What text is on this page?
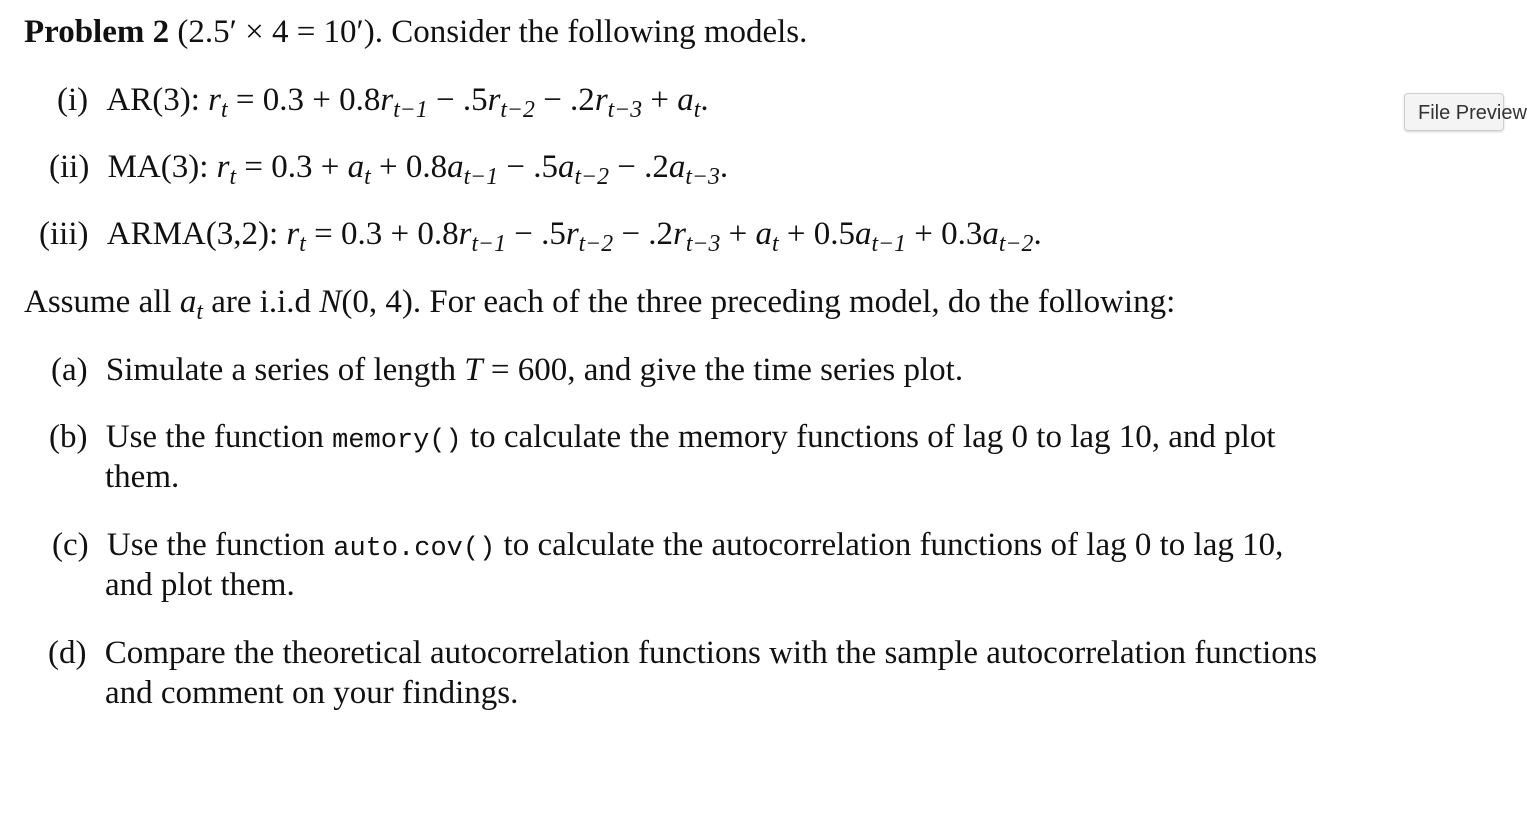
Problem 2 (2.5′ × 4 = 10′). Consider the following models.
(i) AR(3): $r_t = 0.3 + 0.8r_{t-1} - .5r_{t-2} - .2r_{t-3} + a_t$.
(ii) MA(3): $r_t = 0.3 + a_t + 0.8a_{t-1} - .5a_{t-2} - .2a_{t-3}$.
(iii) ARMA(3,2): $r_t = 0.3 + 0.8r_{t-1} - .5r_{t-2} - .2r_{t-3} + a_t + 0.5a_{t-1} + 0.3a_{t-2}$.
Assume all $a_t$ are i.i.d N(0, 4). For each of the three preceding model, do the following:
(a) Simulate a series of length T = 600, and give the time series plot.
(b) Use the function memory() to calculate the memory functions of lag 0 to lag 10, and plot
them.
(c) Use the function auto.cov() to calculate the autocorrelation functions of lag 0 to lag 10,
and plot them.
(d) Compare the theoretical autocorrelation functions with the sample autocorrelation functions
and comment on your findings.
File Preview
